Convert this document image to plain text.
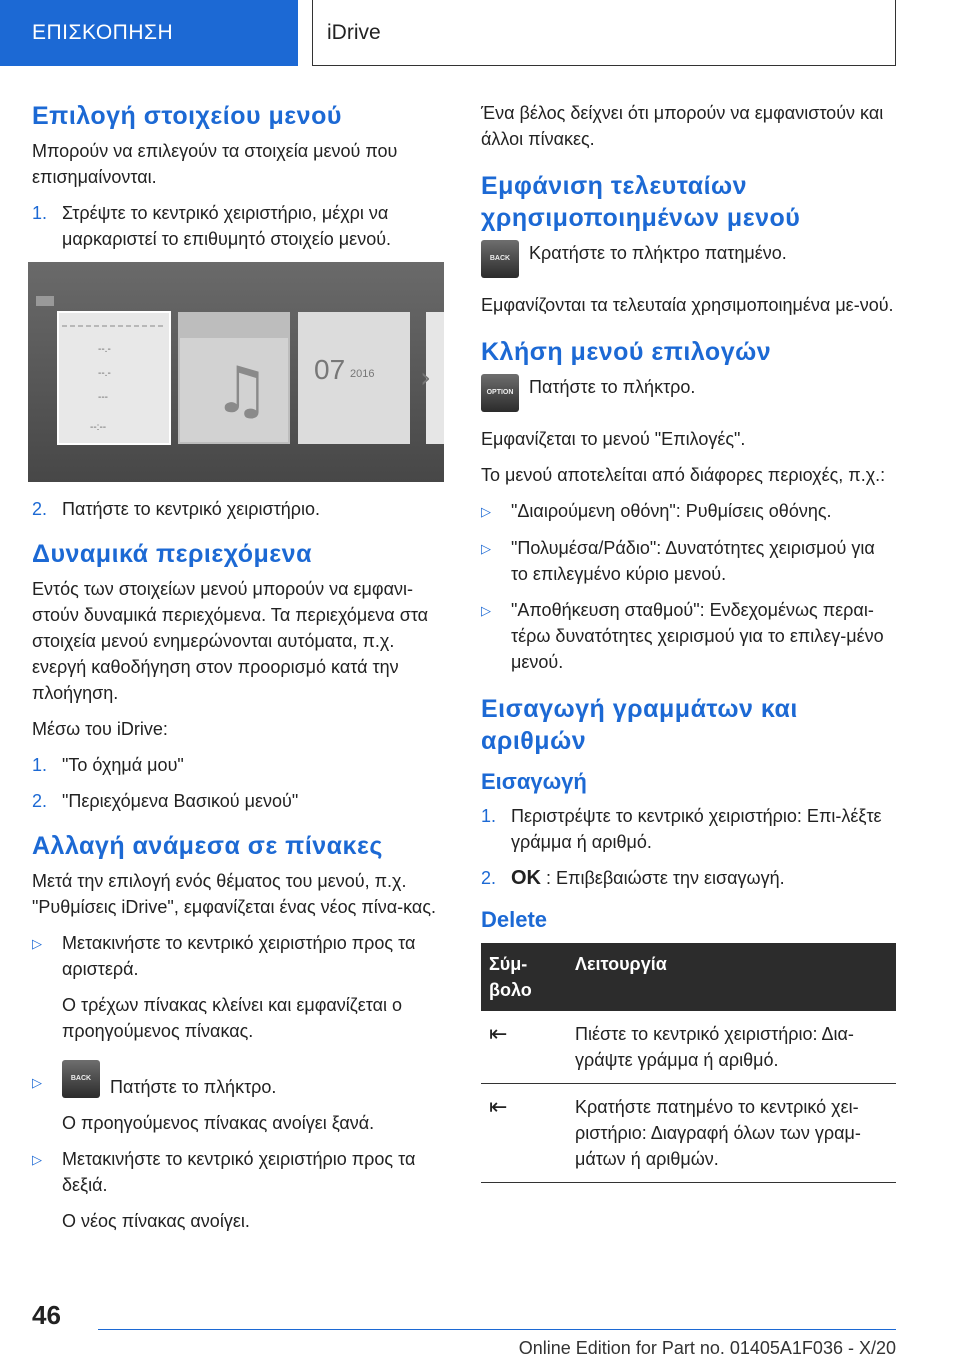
ΕΠΙΣΚΟΠΗΣΗ	iDrive
Επιλογή στοιχείου μενού

Μπορούν να επιλεγούν τα στοιχεία μενού που επισημαίνονται.

1. Στρέψτε το κεντρικό χειριστήριο, μέχρι να μαρκαριστεί το επιθυμητό στοιχείο μενού.
♫	›
07 2016
--.-
--.-
---
--:--
2. Πατήστε το κεντρικό χειριστήριο.
Δυναμικά περιεχόμενα

Εντός των στοιχείων μενού μπορούν να εμφανι-στούν δυναμικά περιεχόμενα. Τα περιεχόμενα στα στοιχεία μενού ενημερώνονται αυτόματα, π.χ. ενεργή καθοδήγηση στον προορισμό κατά την πλοήγηση.

Μέσω του iDrive:

1. "Το όχημά μου"
2. "Περιεχόμενα Βασικού μενού"
Αλλαγή ανάμεσα σε πίνακες

Μετά την επιλογή ενός θέματος του μενού, π.χ. "Ρυθμίσεις iDrive", εμφανίζεται ένας νέος πίνα-κας.

▷	Μετακινήστε το κεντρικό χειριστήριο προς τα αριστερά.
Ο τρέχων πίνακας κλείνει και εμφανίζεται ο προηγούμενος πίνακας.
▷	BACK	Πατήστε το πλήκτρο.
Ο προηγούμενος πίνακας ανοίγει ξανά.
▷	Μετακινήστε το κεντρικό χειριστήριο προς τα δεξιά.
Ο νέος πίνακας ανοίγει.

Ένα βέλος δείχνει ότι μπορούν να εμφανιστούν και άλλοι πίνακες.

Εμφάνιση τελευταίων χρησιμοποιημένων μενού
BACK	Κρατήστε το πλήκτρο πατημένο.

Εμφανίζονται τα τελευταία χρησιμοποιημένα με-νού.

Κλήση μενού επιλογών
OPTION Πατήστε το πλήκτρο.

Εμφανίζεται το μενού "Επιλογές".

Το μενού αποτελείται από διάφορες περιοχές, π.χ.:

▷	"Διαιρούμενη οθόνη": Ρυθμίσεις οθόνης.
▷	"Πολυμέσα/Ράδιο": Δυνατότητες χειρισμού για το επιλεγμένο κύριο μενού.
▷	"Αποθήκευση σταθμού": Ενδεχομένως περαι-τέρω δυνατότητες χειρισμού για το επιλεγ-μένο μενού.
Εισαγωγή γραμμάτων και αριθμών
Εισαγωγή
1. Περιστρέψτε το κεντρικό χειριστήριο: Επι-λέξτε γράμμα ή αριθμό.
2. OK : Επιβεβαιώστε την εισαγωγή.
Delete
Σύμ-βολο	Λειτουργία
⇤	Πιέστε το κεντρικό χειριστήριο: Δια-γράψτε γράμμα ή αριθμό.
⇤	Κρατήστε πατημένο το κεντρικό χει-ριστήριο: Διαγραφή όλων των γραμ-μάτων ή αριθμών.
46
Online Edition for Part no. 01405A1F036 - X/20
